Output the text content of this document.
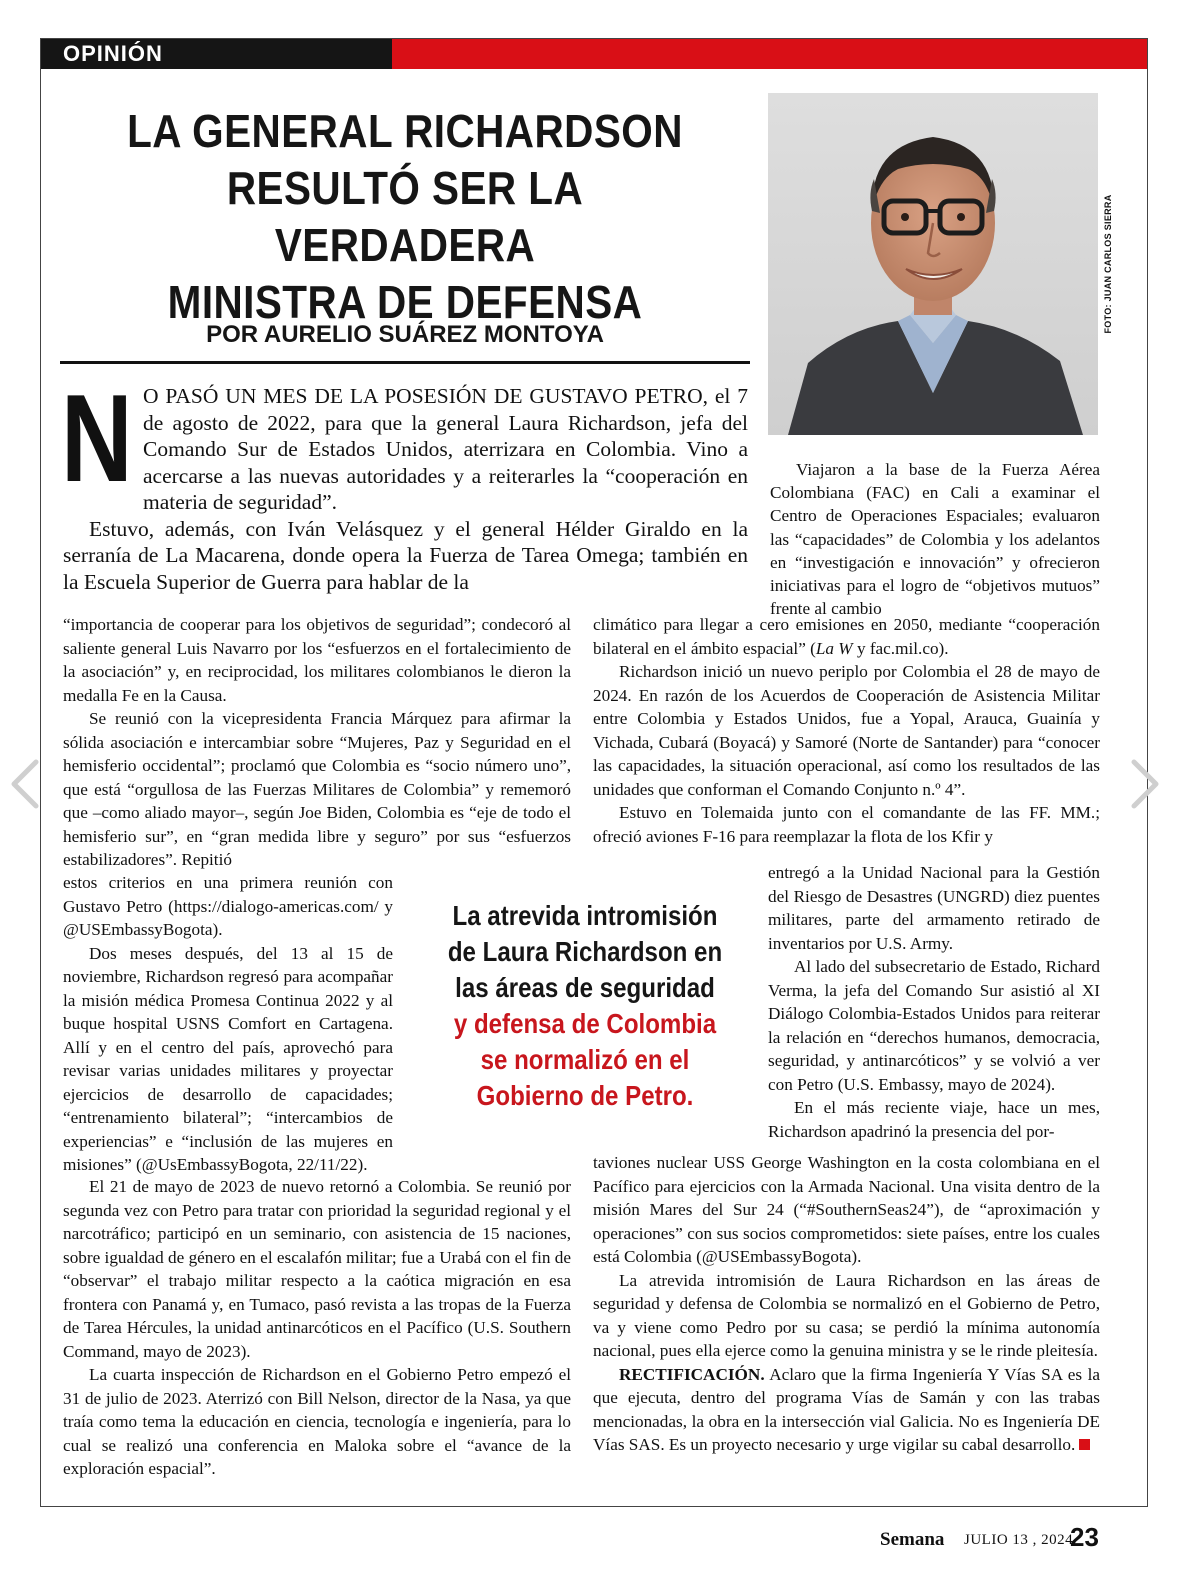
OPINIÓN
LA GENERAL RICHARDSON
RESULTÓ SER LA VERDADERA
MINISTRA DE DEFENSA
POR AURELIO SUÁREZ MONTOYA
FOTO: JUAN CARLOS SIERRA
N O PASÓ UN MES DE LA POSESIÓN DE GUSTAVO PETRO, el 7 de agosto de 2022, para que la general Laura Richardson, jefa del Comando Sur de Estados Unidos, aterrizara en Colombia. Vino a acercarse a las nuevas autoridades y a reiterarles la “cooperación en materia de seguridad”.

Estuvo, además, con Iván Velásquez y el general Hélder Giraldo en la serranía de La Macarena, donde opera la Fuerza de Tarea Omega; también en la Escuela Superior de Guerra para hablar de la

Viajaron a la base de la Fuerza Aérea Colombiana (FAC) en Cali a examinar el Centro de Operaciones Espaciales; evaluaron las “capacidades” de Colombia y los adelantos en “investigación e innovación” y ofrecieron iniciativas para el logro de “objetivos mutuos” frente al cambio

“importancia de cooperar para los objetivos de seguridad”; condecoró al saliente general Luis Navarro por los “esfuerzos en el fortalecimiento de la asociación” y, en reciprocidad, los militares colombianos le dieron la medalla Fe en la Causa.

Se reunió con la vicepresidenta Francia Márquez para afirmar la sólida asociación e intercambiar sobre “Mujeres, Paz y Seguridad en el hemisferio occidental”; proclamó que Colombia es “socio número uno”, que está “orgullosa de las Fuerzas Militares de Colombia” y rememoró que –como aliado mayor–, según Joe Biden, Colombia es “eje de todo el hemisferio sur”, en “gran medida libre y seguro” por sus “esfuerzos estabilizadores”. Repitió

estos criterios en una primera reunión con Gustavo Petro (https://dialogo-americas.com/ y @USEmbassyBogota).

Dos meses después, del 13 al 15 de noviembre, Richardson regresó para acompañar la misión médica Promesa Continua 2022 y al buque hospital USNS Comfort en Cartagena. Allí y en el centro del país, aprovechó para revisar varias unidades militares y proyectar ejercicios de desarrollo de capacidades; “entrenamiento bilateral”; “intercambios de experiencias” e “inclusión de las mujeres en misiones” (@UsEmbassyBogota, 22/11/22).

El 21 de mayo de 2023 de nuevo retornó a Colombia. Se reunió por segunda vez con Petro para tratar con prioridad la seguridad regional y el narcotráfico; participó en un seminario, con asistencia de 15 naciones, sobre igualdad de género en el escalafón militar; fue a Urabá con el fin de “observar” el trabajo militar respecto a la caótica migración en esa frontera con Panamá y, en Tumaco, pasó revista a las tropas de la Fuerza de Tarea Hércules, la unidad antinarcóticos en el Pacífico (U.S. Southern Command, mayo de 2023).

La cuarta inspección de Richardson en el Gobierno Petro empezó el 31 de julio de 2023. Aterrizó con Bill Nelson, director de la Nasa, ya que traía como tema la educación en ciencia, tecnología e ingeniería, para lo cual se realizó una conferencia en Maloka sobre el “avance de la exploración espacial”.

La atrevida intromisión de Laura Richardson en las áreas de seguridad
y defensa de Colombia se normalizó en el Gobierno de Petro.

climático para llegar a cero emisiones en 2050, mediante “cooperación bilateral en el ámbito espacial” (La W y fac.mil.co).

Richardson inició un nuevo periplo por Colombia el 28 de mayo de 2024. En razón de los Acuerdos de Cooperación de Asistencia Militar entre Colombia y Estados Unidos, fue a Yopal, Arauca, Guainía y Vichada, Cubará (Boyacá) y Samoré (Norte de Santander) para “conocer las capacidades, la situación operacional, así como los resultados de las unidades que conforman el Comando Conjunto n.º 4”.

Estuvo en Tolemaida junto con el comandante de las FF. MM.; ofreció aviones F-16 para reemplazar la flota de los Kfir y

entregó a la Unidad Nacional para la Gestión del Riesgo de Desastres (UNGRD) diez puentes militares, parte del armamento retirado de inventarios por U.S. Army.

Al lado del subsecretario de Estado, Richard Verma, la jefa del Comando Sur asistió al XI Diálogo Colombia-Estados Unidos para reiterar la relación en “derechos humanos, democracia, seguridad, y antinarcóticos” y se volvió a ver con Petro (U.S. Embassy, mayo de 2024).

En el más reciente viaje, hace un mes, Richardson apadrinó la presencia del por-

taviones nuclear USS George Washington en la costa colombiana en el Pacífico para ejercicios con la Armada Nacional. Una visita dentro de la misión Mares del Sur 24 (“#SouthernSeas24”), de “aproximación y operaciones” con sus socios comprometidos: siete países, entre los cuales está Colombia (@USEmbassyBogota).

La atrevida intromisión de Laura Richardson en las áreas de seguridad y defensa de Colombia se normalizó en el Gobierno de Petro, va y viene como Pedro por su casa; se perdió la mínima autonomía nacional, pues ella ejerce como la genuina ministra y se le rinde pleitesía.

RECTIFICACIÓN. Aclaro que la firma Ingeniería Y Vías SA es la que ejecuta, dentro del programa Vías de Samán y con las trabas mencionadas, la obra en la intersección vial Galicia. No es Ingeniería DE Vías SAS. Es un proyecto necesario y urge vigilar su cabal desarrollo.

Semana JULIO 13 , 2024
23
